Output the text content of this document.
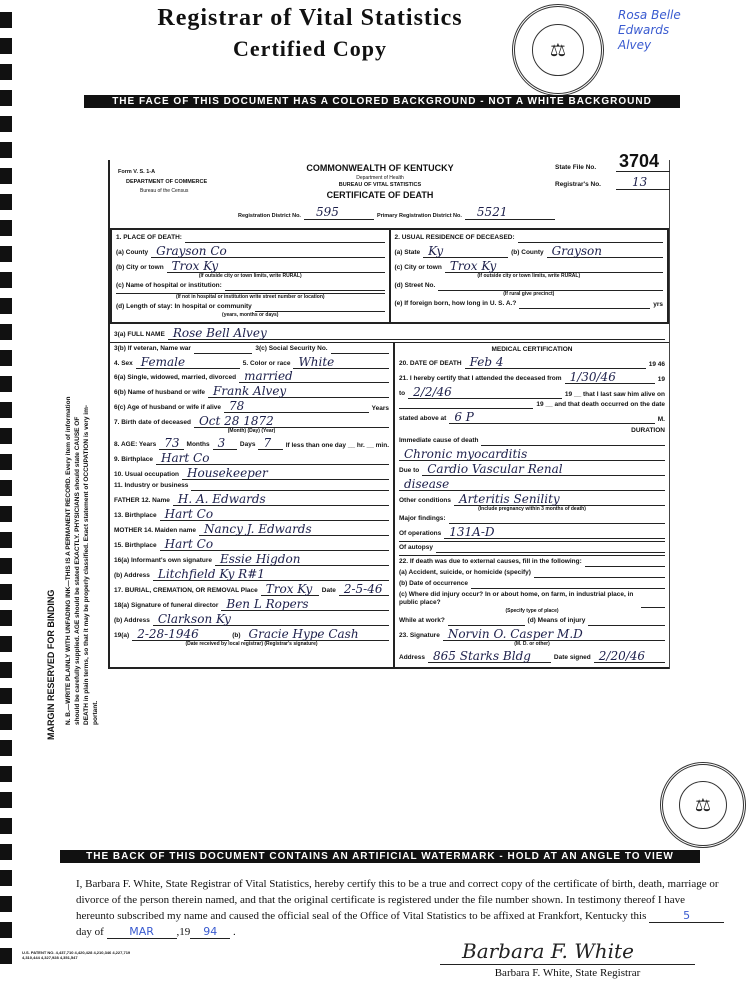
Registrar of Vital Statistics
Certified Copy	⚖
Rosa Belle
Edwards
Alvey
THE FACE OF THIS DOCUMENT HAS A COLORED BACKGROUND - NOT A WHITE BACKGROUND
MARGIN RESERVED FOR BINDING N. B.—WRITE PLAINLY WITH UNFADING INK—THIS IS A PERMANENT RECORD. Every item of information should be carefully supplied. AGE should be stated EXACTLY. PHYSICIANS should state CAUSE OF DEATH in plain terms, so that it may be properly classified. Exact statement of OCCUPATION is very im- portant.
Form V. S. 1-A
DEPARTMENT OF COMMERCE
Bureau of the Census
COMMONWEALTH OF KENTUCKY
Department of Health
BUREAU OF VITAL STATISTICS
CERTIFICATE OF DEATH
State File No. 3704
Registrar's No.	13
Registration District No.	595	Primary Registration District No.	5521
1. PLACE OF DEATH:
(a) County Grayson Co
(b) City or town Trox Ky
(If outside city or town limits, write RURAL)
(c) Name of hospital or institution:
(If not in hospital or institution write street number or location)
(d) Length of stay: In hospital or community
(years, months or days)
2. USUAL RESIDENCE OF DECEASED:
(a) State Ky	(b) County Grayson
(c) City or town Trox Ky
(If outside city or town limits, write RURAL)
(d) Street No.
(If rural give precinct)
(e) If foreign born, how long in U. S. A.?	yrs
3(a) FULL NAME Rose Bell Alvey
3(b) If veteran, Name war	3(c) Social Security No.
4. Sex Female	5. Color or race White
6(a) Single, widowed, married, divorced married
6(b) Name of husband or wife Frank Alvey
6(c) Age of husband or wife if alive 78	Years
7. Birth date of deceased Oct 28 1872
(Month) (Day) (Year)
8. AGE: Years 73	Months 3	Days 7	If less than one day __ hr. __ min.
9. Birthplace Hart Co
10. Usual occupation Housekeeper
11. Industry or business
FATHER 12. Name H. A. Edwards
13. Birthplace Hart Co
MOTHER 14. Maiden name Nancy J. Edwards
15. Birthplace Hart Co
16(a) Informant's own signature Essie Higdon
(b) Address Litchfield Ky R#1
17. BURIAL, CREMATION, OR REMOVAL Place Trox Ky	Date 2-5-46
18(a) Signature of funeral director Ben L Ropers
(b) Address Clarkson Ky
19(a) 2-28-1946	(b) Gracie Hype Cash
(Date received by local registrar) (Registrar's signature)
MEDICAL CERTIFICATION
20. DATE OF DEATH Feb 4	19 46
21. I hereby certify that I attended the deceased from 1/30/46	19
to 2/2/46	19 __ that I last saw him alive on
19 __ and that death occurred on the date
stated above at 6 P	M.
DURATION
Immediate cause of death
Chronic myocarditis
Due to Cardio Vascular Renal
disease
Other conditions Arteritis Senility
(Include pregnancy within 3 months of death)
Major findings:
Of operations 131A-D
Of autopsy
22. If death was due to external causes, fill in the following:
(a) Accident, suicide, or homicide (specify)
(b) Date of occurrence
(c) Where did injury occur? In or about home, on farm, in industrial place, in public place?
(Specify type of place)
While at work?	(d) Means of injury
23. Signature Norvin O. Casper M.D
(M. D. or other)
Address 865 Starks Bldg	Date signed 2/20/46
⚖
THE BACK OF THIS DOCUMENT CONTAINS AN ARTIFICIAL WATERMARK - HOLD AT AN ANGLE TO VIEW
I, Barbara F. White, State Registrar of Vital Statistics, hereby certify this to be a true and correct copy of the certificate of birth, death, marriage or divorce of the person therein named, and that the original certificate is registered under the file number shown. In testimony thereof I have hereunto subscribed my name and caused the official seal of the Office of Vital Statistics to be affixed at Frankfort, Kentucky this	5 day of MAR ,19 94 .
U.S. PATENT NO. 4,437,710 4,420,428 4,210,346 4,227,719 4,310,444 4,327,928 4,351,547	Barbara F. White
Barbara F. White, State Registrar
